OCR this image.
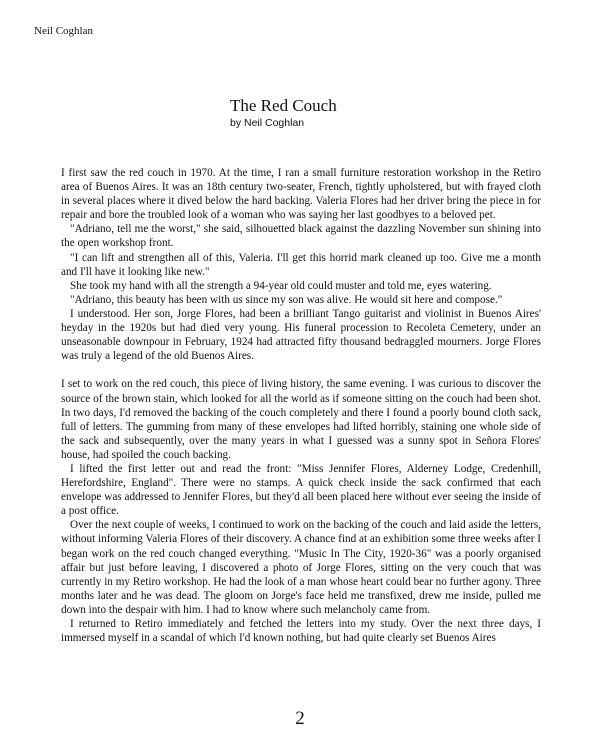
Neil Coghlan
The Red Couch
by Neil Coghlan

I first saw the red couch in 1970. At the time, I ran a small furniture restoration workshop in the Retiro area of Buenos Aires. It was an 18th century two-seater, French, tightly upholstered, but with frayed cloth in several places where it dived below the hard backing. Valeria Flores had her driver bring the piece in for repair and bore the troubled look of a woman who was saying her last goodbyes to a beloved pet.

"Adriano, tell me the worst," she said, silhouetted black against the dazzling November sun shining into the open workshop front.

"I can lift and strengthen all of this, Valeria. I'll get this horrid mark cleaned up too. Give me a month and I'll have it looking like new."

She took my hand with all the strength a 94-year old could muster and told me, eyes watering.

"Adriano, this beauty has been with us since my son was alive. He would sit here and compose."

I understood. Her son, Jorge Flores, had been a brilliant Tango guitarist and violinist in Buenos Aires' heyday in the 1920s but had died very young. His funeral procession to Recoleta Cemetery, under an unseasonable downpour in February, 1924 had attracted fifty thousand bedraggled mourners. Jorge Flores was truly a legend of the old Buenos Aires.

I set to work on the red couch, this piece of living history, the same evening. I was curious to discover the source of the brown stain, which looked for all the world as if someone sitting on the couch had been shot. In two days, I'd removed the backing of the couch completely and there I found a poorly bound cloth sack, full of letters. The gumming from many of these envelopes had lifted horribly, staining one whole side of the sack and subsequently, over the many years in what I guessed was a sunny spot in Señora Flores' house, had spoiled the couch backing.

I lifted the first letter out and read the front: "Miss Jennifer Flores, Alderney Lodge, Credenhill, Herefordshire, England". There were no stamps. A quick check inside the sack confirmed that each envelope was addressed to Jennifer Flores, but they'd all been placed here without ever seeing the inside of a post office.

Over the next couple of weeks, I continued to work on the backing of the couch and laid aside the letters, without informing Valeria Flores of their discovery. A chance find at an exhibition some three weeks after I began work on the red couch changed everything. "Music In The City, 1920-36" was a poorly organised affair but just before leaving, I discovered a photo of Jorge Flores, sitting on the very couch that was currently in my Retiro workshop. He had the look of a man whose heart could bear no further agony. Three months later and he was dead. The gloom on Jorge's face held me transfixed, drew me inside, pulled me down into the despair with him. I had to know where such melancholy came from.

I returned to Retiro immediately and fetched the letters into my study. Over the next three days, I immersed myself in a scandal of which I'd known nothing, but had quite clearly set Buenos Aires

2
